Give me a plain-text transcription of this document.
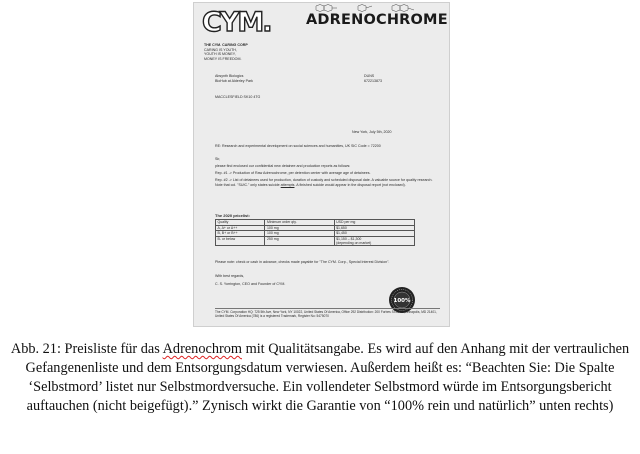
CYM.
THE CYM. CARING CORP
CARING IS YOUTH,
YOUTH IS MONEY,
MONEY IS FREEDOM.
ADRENOCHROME
Absynth Biologics
BioHub at Alderley Park
DUNS
672213873
MACCLESFIELD SK10 4TG
New York, July 5th, 2020
RE: Research and experimental development on social sciences and humanities, UK SIC Code = 72200

Sir,

please find enclosed our confidential new detainee and production reports as follows:

Rep. #1 -> Production of Raw Adrenochrome, per detention center with average age of detainees.

Rep. #2 -> List of detainees used for production, duration of custody and scheduled disposal date. A valuable source for quality research. Note that col. "SUIC." only states suicide attempts. A finished suicide would appear in the disposal report (not enclosed).

The 2020 pricelist:
Quality	Minimum order qty.	USD per mg
A, A+ or A++	100 mg	$1,650
B, B+ or B++	100 mg	$1,450
B- or below	250 mg	$1,150 – $1,300
(depending on market)
Please note: check or cash in advance, checks made payable for "The CYM. Corp., Special Interest Division".
With best regards,
C. S. Yorrington, CEO and Founder of CYM.
100%
The CYM. Corporation HQ: 725 5th Ave, New York, NY 10022, United States Of America, Office 292 Distribution: 200 Forbes St #DG0, Annapolis, MD 21401, United States Of America (786) is a registered Trademark, Register No: 5475070
Abb. 21: Preisliste für das Adrenochrom mit Qualitätsangabe. Es wird auf den Anhang mit der vertraulichen Gefangenenliste und dem Entsorgungsdatum verwiesen. Außerdem heißt es: “Beachten Sie: Die Spalte ‘Selbstmord’ listet nur Selbstmordversuche. Ein vollendeter Selbstmord würde im Entsorgungsbericht auftauchen (nicht beigefügt).” Zynisch wirkt die Garantie von “100% rein und natürlich” unten rechts)
